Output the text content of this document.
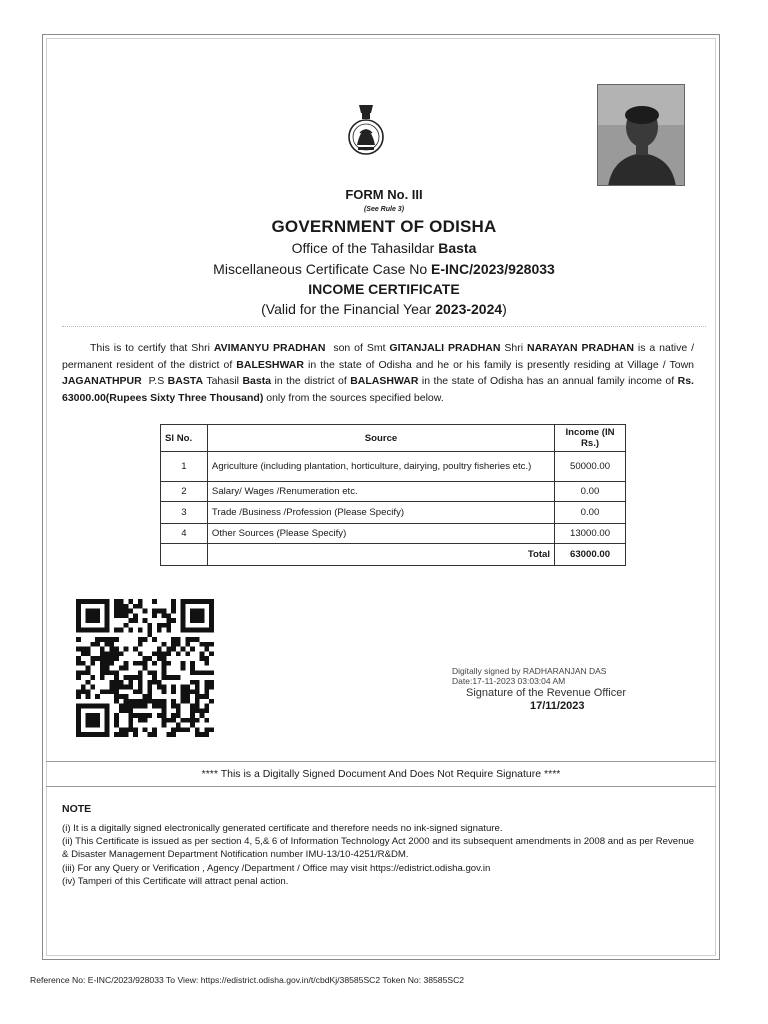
FORM No. III
(See Rule 3)
GOVERNMENT OF ODISHA
Office of the Tahasildar Basta
Miscellaneous Certificate Case No E-INC/2023/928033
INCOME CERTIFICATE
(Valid for the Financial Year 2023-2024)
This is to certify that Shri AVIMANYU PRADHAN son of Smt GITANJALI PRADHAN Shri NARAYAN PRADHAN is a native / permanent resident of the district of BALESHWAR in the state of Odisha and he or his family is presently residing at Village / Town JAGANATHPUR P.S BASTA Tahasil Basta in the district of BALASHWAR in the state of Odisha has an annual family income of Rs. 63000.00(Rupees Sixty Three Thousand) only from the sources specified below.
Sl No.	Source	Income (IN Rs.)
1	Agriculture (including plantation, horticulture, dairying, poultry fisheries etc.)	50000.00
2	Salary/ Wages /Renumeration etc.	0.00
3	Trade /Business /Profession (Please Specify)	0.00
4	Other Sources (Please Specify)	13000.00
	Total	63000.00
Digitally signed by RADHARANJAN DAS
Date:17-11-2023 03:03:04 AM
Signature of the Revenue Officer
17/11/2023
**** This is a Digitally Signed Document And Does Not Require Signature ****
NOTE
(i) It is a digitally signed electronically generated certificate and therefore needs no ink-signed signature.
(ii) This Certificate is issued as per section 4, 5,& 6 of Information Technology Act 2000 and its subsequent amendments in 2008 and as per Revenue & Disaster Management Department Notification number IMU-13/10-4251/R&DM.
(iii) For any Query or Verification , Agency /Department / Office may visit https://edistrict.odisha.gov.in
(iv) Tamperi of this Certificate will attract penal action.
Reference No: E-INC/2023/928033 To View: https://edistrict.odisha.gov.in/t/cbdKj/38585SC2 Token No: 38585SC2
